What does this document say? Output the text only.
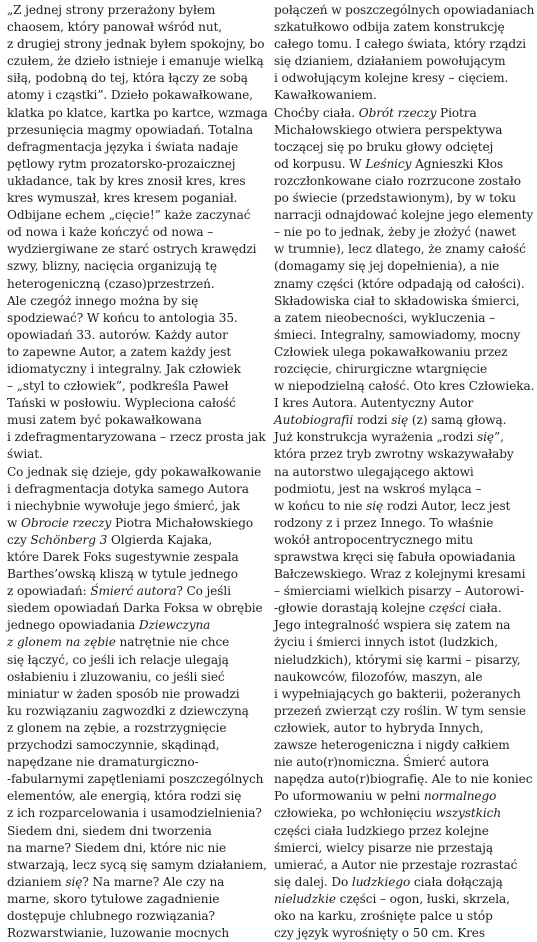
„Z jednej strony przerażony byłem
chaosem, który panował wśród nut,
z drugiej strony jednak byłem spokojny, bo
czułem, że dzieło istnieje i emanuje wielką
siłą, podobną do tej, która łączy ze sobą
atomy i cząstki”. Dzieło pokawałkowane,
klatka po klatce, kartka po kartce, wzmaga
przesunięcia magmy opowiadań. Totalna
defragmentacja języka i świata nadaje
pętlowy rytm prozatorsko-prozaicznej
układance, tak by kres znosił kres, kres
kres wymuszał, kres kresem poganiał.
Odbijane echem „cięcie!” każe zaczynać
od nowa i każe kończyć od nowa –
wydziergiwane ze starć ostrych krawędzi
szwy, blizny, nacięcia organizują tę
heterogeniczną (czaso)przestrzeń.
Ale czegóż innego można by się
spodziewać? W końcu to antologia 35.
opowiadań 33. autorów. Każdy autor
to zapewne Autor, a zatem każdy jest
idiomatyczny i integralny. Jak człowiek
– „styl to człowiek”, podkreśla Paweł
Tański w posłowiu. Wypleciona całość
musi zatem być pokawałkowana
i zdefragmentaryzowana – rzecz prosta jak
świat.

Co jednak się dzieje, gdy pokawałkowanie
i defragmentacja dotyka samego Autora
i niechybnie wywołuje jego śmierć, jak
w Obrocie rzeczy Piotra Michałowskiego
czy Schönberg 3 Olgierda Kajaka,
które Darek Foks sugestywnie zespala
Barthes’owską kliszą w tytule jednego
z opowiadań: Śmierć autora? Co jeśli
siedem opowiadań Darka Foksa w obrębie
jednego opowiadania Dziewczyna
z glonem na zębie natrętnie nie chce
się łączyć, co jeśli ich relacje ulegają
osłabieniu i zluzowaniu, co jeśli sieć
miniatur w żaden sposób nie prowadzi
ku rozwiązaniu zagwozdki z dziewczyną
z glonem na zębie, a rozstrzygnięcie
przychodzi samoczynnie, skądinąd,
napędzane nie dramaturgiczno-
-fabularnymi zapętleniami poszczególnych
elementów, ale energią, która rodzi się
z ich rozparcelowania i usamodzielnienia?
Siedem dni, siedem dni tworzenia
na marne? Siedem dni, które nic nie
stwarzają, lecz sycą się samym działaniem,
dzianiem się? Na marne? Ale czy na
marne, skoro tytułowe zagadnienie
dostępuje chlubnego rozwiązania?
Rozwarstwianie, luzowanie mocnych

połączeń w poszczególnych opowiadaniach
szkatułkowo odbija zatem konstrukcję
całego tomu. I całego świata, który rządzi
się dzianiem, działaniem powołującym
i odwołującym kolejne kresy – cięciem.
Kawałkowaniem.

Choćby ciała. Obrót rzeczy Piotra
Michałowskiego otwiera perspektywa
toczącej się po bruku głowy odciętej
od korpusu. W Leśnicy Agnieszki Kłos
rozczłonkowane ciało rozrzucone zostało
po świecie (przedstawionym), by w toku
narracji odnajdować kolejne jego elementy
– nie po to jednak, żeby je złożyć (nawet
w trumnie), lecz dlatego, że znamy całość
(domagamy się jej dopełnienia), a nie
znamy części (które odpadają od całości).
Składowiska ciał to składowiska śmierci,
a zatem nieobecności, wykluczenia –
śmieci. Integralny, samowiadomy, mocny
Człowiek ulega pokawałkowaniu przez
rozcięcie, chirurgiczne wtargnięcie
w niepodzielną całość. Oto kres Człowieka.
I kres Autora. Autentyczny Autor
Autobiografii rodzi się (z) samą głową.
Już konstrukcja wyrażenia „rodzi się”,
która przez tryb zwrotny wskazywałaby
na autorstwo ulegającego aktowi
podmiotu, jest na wskroś myląca –
w końcu to nie się rodzi Autor, lecz jest
rodzony z i przez Innego. To właśnie
wokół antropocentrycznego mitu
sprawstwa kręci się fabuła opowiadania
Bałczewskiego. Wraz z kolejnymi kresami
– śmierciami wielkich pisarzy – Autorowi-
-głowie dorastają kolejne części ciała.
Jego integralność wspiera się zatem na
życiu i śmierci innych istot (ludzkich,
nieludzkich), którymi się karmi – pisarzy,
naukowców, filozofów, maszyn, ale
i wypełniających go bakterii, pożeranych
przezeń zwierząt czy roślin. W tym sensie
człowiek, autor to hybryda Innych,
zawsze heterogeniczna i nigdy całkiem
nie auto(r)nomiczna. Śmierć autora
napędza auto(r)biografię. Ale to nie koniec
Po uformowaniu w pełni normalnego
człowieka, po wchłonięciu wszystkich
części ciała ludzkiego przez kolejne
śmierci, wielcy pisarze nie przestają
umierać, a Autor nie przestaje rozrastać
się dalej. Do ludzkiego ciała dołączają
nieludzkie części – ogon, łuski, skrzela,
oko na karku, zrośnięte palce u stóp
czy język wyrośnięty o 50 cm. Kres
